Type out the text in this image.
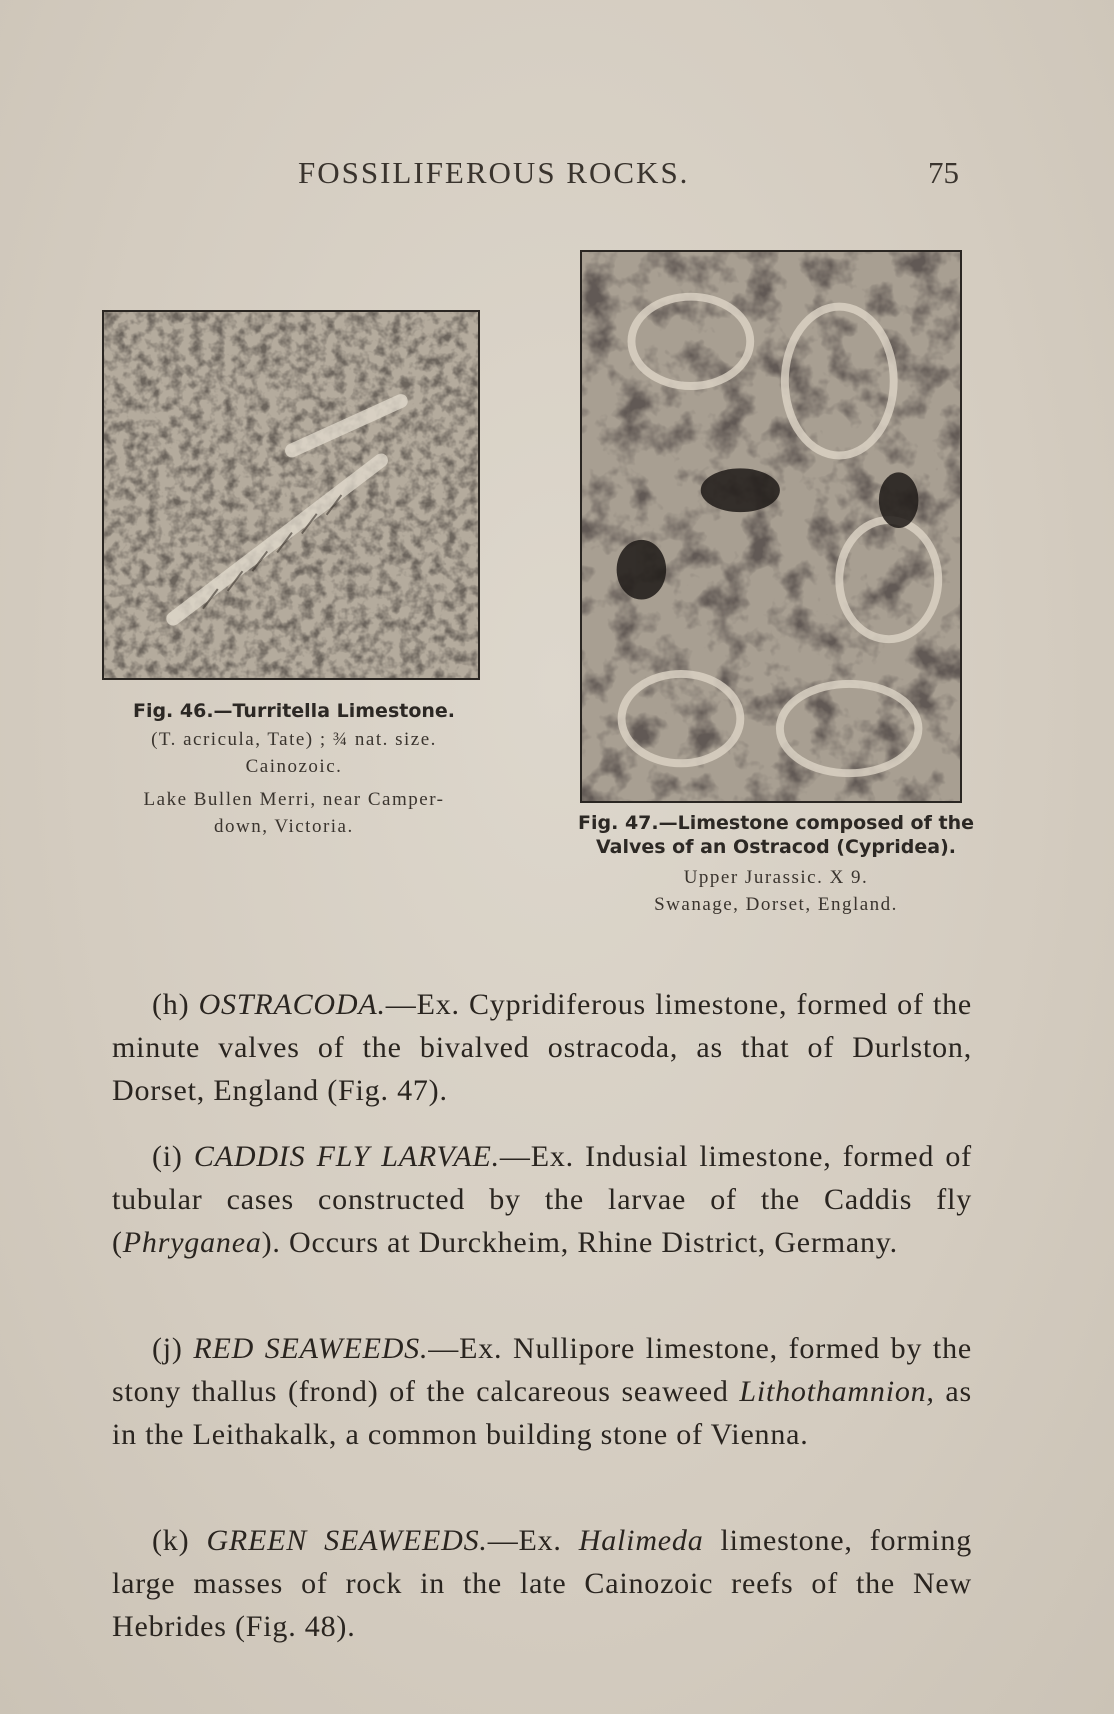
FOSSILIFEROUS ROCKS.	75
Fig. 46.—Turritella Limestone.
(T. acricula, Tate) ; ¾ nat. size.
Cainozoic.
Lake Bullen Merri, near Camper-
down, Victoria.	Fig. 47.—Limestone composed of the
Valves of an Ostracod (Cypridea).
Upper Jurassic. X 9.
Swanage, Dorset, England.
(h) OSTRACODA.—Ex. Cypridiferous limestone, formed of the minute valves of the bivalved ostracoda, as that of Durlston, Dorset, England (Fig. 47).
(i) CADDIS FLY LARVAE.—Ex. Indusial limestone, formed of tubular cases constructed by the larvae of the Caddis fly (Phryganea). Occurs at Durckheim, Rhine District, Germany.
(j) RED SEAWEEDS.—Ex. Nullipore limestone, formed by the stony thallus (frond) of the calcareous seaweed Lithothamnion, as in the Leithakalk, a common building stone of Vienna.
(k) GREEN SEAWEEDS.—Ex. Halimeda limestone, forming large masses of rock in the late Cainozoic reefs of the New Hebrides (Fig. 48).
